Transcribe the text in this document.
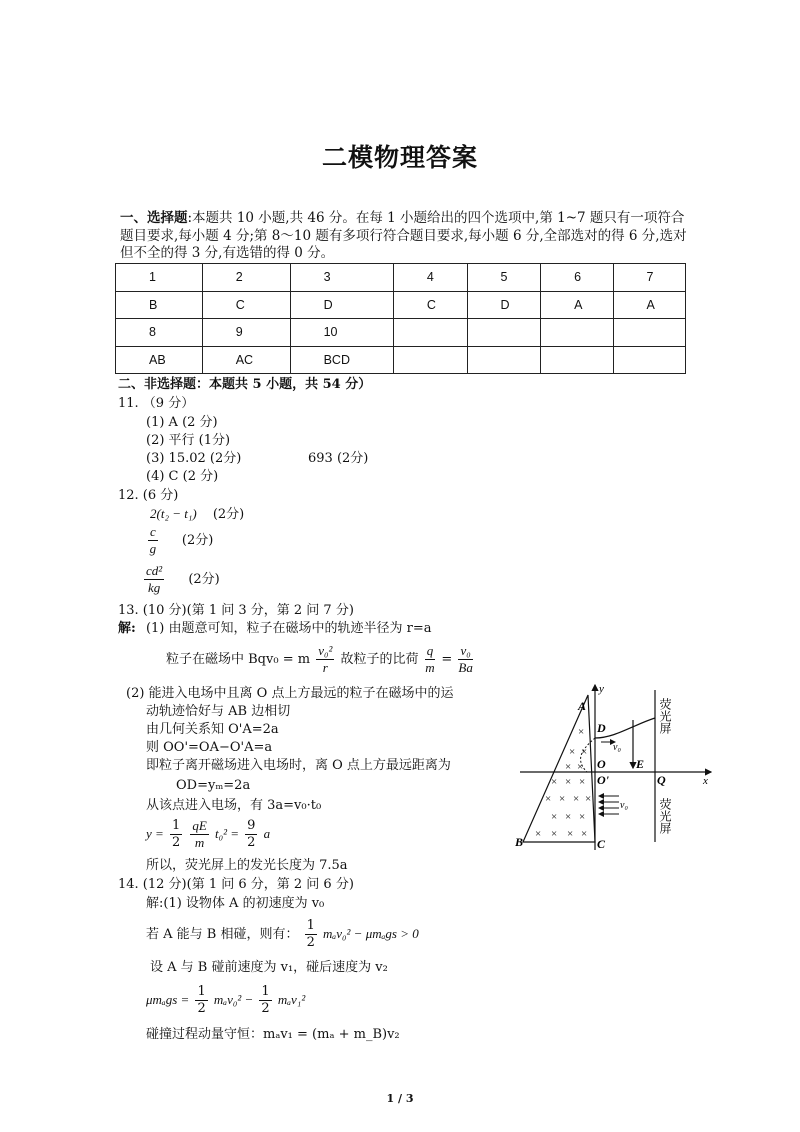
二模物理答案
一、选择题:本题共 10 小题,共 46 分。在每 1 小题给出的四个选项中,第 1~7 题只有一项符合题目要求,每小题 4 分;第 8～10 题有多项行符合题目要求,每小题 6 分,全部选对的得 6 分,选对但不全的得 3 分,有选错的得 0 分。
1	2	3	4	5	6	7
B	C	D	C	D	A	A
8	9	10				
AB	AC	BCD				
二、非选择题：本题共 5 小题，共 54 分）
11. （9 分）
(1) A (2 分)
(2) 平行 (1分)
(3) 15.02 (2分)	693 (2分)
(4) C (2 分)
12. (6 分)
2(t₂ − t₁) (2分)
$\frac{c}{g} (2$分)
$\frac{\text{cd²}}{kg} (2$分)
13. (10 分)(第 1 问 3 分，第 2 问 7 分)
解: (1) 由题意可知，粒子在磁场中的轨迹半径为 r=a
粒子在磁场中 Bqv₀ = m $\frac{\text{v₀²}}{r}$ 故粒子的比荷 $\frac{q}{m} = \frac{\text{v₀}}{Ba}$
(2) 能进入电场中且离 O 点上方最远的粒子在磁场中的运
动轨迹恰好与 AB 边相切
由几何关系知 O'A=2a
则 OO'=OA−O'A=a
即粒子离开磁场进入电场时，离 O 点上方最远距离为
OD=yₘ=2a
从该点进入电场，有 3a=v₀·t₀
$y = \frac{1}{2}$
$\frac{qE}{m} t_0^2 = \frac{9}{2}$ a
所以，荧光屏上的发光长度为 7.5a
14. (12 分)(第 1 问 6 分，第 2 问 6 分)
解:(1) 设物体 A 的初速度为 v₀
若 A 能与 B 相碰，则有： $\frac{1}{2} m_av_0^2 - \mu m_ags > 0$
设 A 与 B 碰前速度为 v₁，碰后速度为 v₂
$\mu m_ags = \frac{1}{2} m_av_0^2 - \frac{1}{2} m_av_1^2$
碰撞过程动量守恒：mₐv₁ = (mₐ + m_B)v₂
×
× ×
× ×
× × ×
× × × ×
× × ×
× × × ×
y
x
A
B	C
D
O
O'	Q
E
v₀
v₀
荧光屏
荧光屏
1 / 3
